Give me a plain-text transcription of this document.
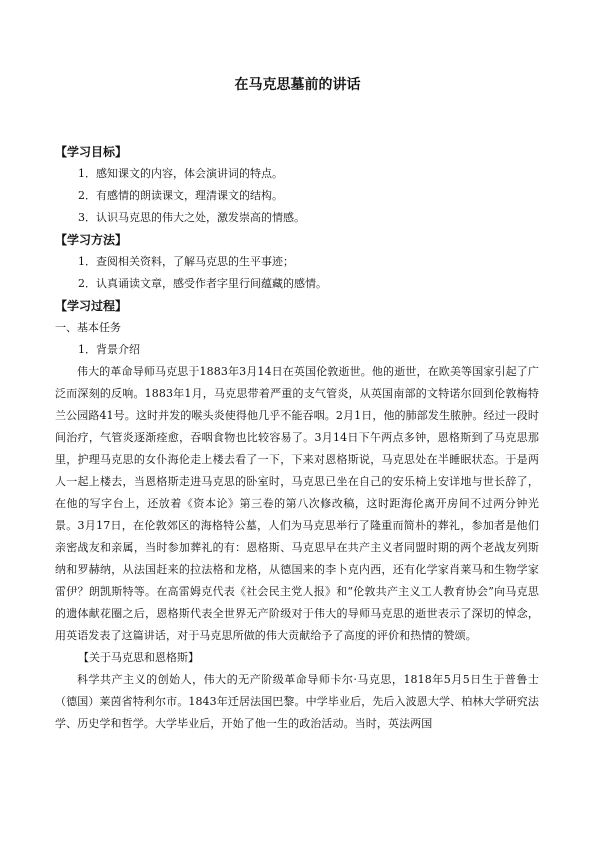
在马克思墓前的讲话

【学习目标】

1．感知课文的内容，体会演讲词的特点。

2．有感情的朗读课文，理清课文的结构。

3．认识马克思的伟大之处，激发崇高的情感。

【学习方法】

1．查阅相关资料，了解马克思的生平事迹；

2．认真诵读文章，感受作者字里行间蕴藏的感情。

【学习过程】

一、基本任务

1．背景介绍

伟大的革命导师马克思于1883年3月14日在英国伦敦逝世。他的逝世，在欧美等国家引起了广泛而深刻的反响。1883年1月，马克思带着严重的支气管炎，从英国南部的文特诺尔回到伦敦梅特兰公园路41号。这时并发的喉头炎使得他几乎不能吞咽。2月1日，他的肺部发生脓肿。经过一段时间治疗，气管炎逐渐痊愈，吞咽食物也比较容易了。3月14日下午两点多钟，恩格斯到了马克思那里，护理马克思的女仆海伦走上楼去看了一下，下来对恩格斯说，马克思处在半睡眠状态。于是两人一起上楼去，当恩格斯走进马克思的卧室时，马克思已坐在自己的安乐椅上安详地与世长辞了，在他的写字台上，还放着《资本论》第三卷的第八次修改稿，这时距海伦离开房间不过两分钟光景。3月17日，在伦敦郊区的海格特公墓，人们为马克思举行了隆重而简朴的葬礼，参加者是他们亲密战友和亲属，当时参加葬礼的有：恩格斯、马克思早在共产主义者同盟时期的两个老战友列斯纳和罗赫纳，从法国赶来的拉法格和龙格，从德国来的李卜克内西，还有化学家肖莱马和生物学家雷伊？朗凯斯特等。在高雷姆克代表《社会民主党人报》和“伦敦共产主义工人教育协会”向马克思的遗体献花圈之后，恩格斯代表全世界无产阶级对于伟大的导师马克思的逝世表示了深切的悼念，用英语发表了这篇讲话，对于马克思所做的伟大贡献给予了高度的评价和热情的赞颂。

【关于马克思和恩格斯】

科学共产主义的创始人，伟大的无产阶级革命导师卡尔·马克思，1818年5月5日生于普鲁士（德国）莱茵省特利尔市。1843年迁居法国巴黎。中学毕业后，先后入波恩大学、柏林大学研究法学、历史学和哲学。大学毕业后，开始了他一生的政治活动。当时，英法两国
